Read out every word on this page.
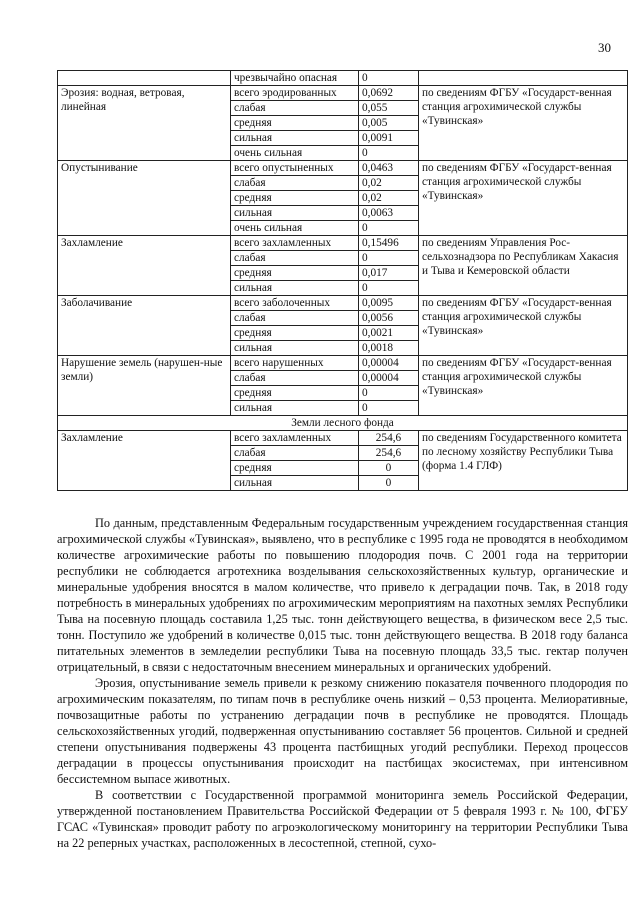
30
	чрезвычайно опасная	0	
Эрозия: водная, ветровая, линейная	всего эродированных	0,0692	по сведениям ФГБУ «Государст-венная станция агрохимической службы «Тувинская»
	слабая	0,055	
	средняя	0,005	
	сильная	0,0091	
	очень сильная	0	
Опустынивание	всего опустыненных	0,0463	по сведениям ФГБУ «Государст-венная станция агрохимической службы «Тувинская»
	слабая	0,02	
	средняя	0,02	
	сильная	0,0063	
	очень сильная	0	
Захламление	всего захламленных	0,15496	по сведениям Управления Рос-сельхознадзора по Республикам Хакасия и Тыва и Кемеровской области
	слабая	0	
	средняя	0,017	
	сильная	0	
Заболачивание	всего заболоченных	0,0095	по сведениям ФГБУ «Государст-венная станция агрохимической службы «Тувинская»
	слабая	0,0056	
	средняя	0,0021	
	сильная	0,0018	
Нарушение земель (нарушен-ные земли)	всего нарушенных	0,00004	по сведениям ФГБУ «Государст-венная станция агрохимической службы «Тувинская»
	слабая	0,00004	
	средняя	0	
	сильная	0	
Земли лесного фонда			
Захламление	всего захламленных	254,6	по сведениям Государственного комитета по лесному хозяйству Республики Тыва (форма 1.4 ГЛФ)
	слабая	254,6	
	средняя	0	
	сильная	0	

По данным, представленным Федеральным государственным учреждением государственная станция агрохимической службы «Тувинская», выявлено, что в республике с 1995 года не проводятся в необходимом количестве агрохимические работы по повышению плодородия почв. С 2001 года на территории республики не соблюдается агротехника возделывания сельскохозяйственных культур, органические и минеральные удобрения вносятся в малом количестве, что привело к деградации почв. Так, в 2018 году потребность в минеральных удобрениях по агрохимическим мероприятиям на пахотных землях Республики Тыва на посевную площадь составила 1,25 тыс. тонн действующего вещества, в физическом весе 2,5 тыс. тонн. Поступило же удобрений в количестве 0,015 тыс. тонн действующего вещества. В 2018 году баланса питательных элементов в земледелии республики Тыва на посевную площадь 33,5 тыс. гектар получен отрицательный, в связи с недостаточным внесением минеральных и органических удобрений.

Эрозия, опустынивание земель привели к резкому снижению показателя почвенного плодородия по агрохимическим показателям, по типам почв в республике очень низкий – 0,53 процента. Мелиоративные, почвозащитные работы по устранению деградации почв в республике не проводятся. Площадь сельскохозяйственных угодий, подверженная опустыниванию составляет 56 процентов. Сильной и средней степени опустынивания подвержены 43 процента пастбищных угодий республики. Переход процессов деградации в процессы опустынивания происходит на пастбищах экосистемах, при интенсивном бессистемном выпасе животных.

В соответствии с Государственной программой мониторинга земель Российской Федерации, утвержденной постановлением Правительства Российской Федерации от 5 февраля 1993 г. № 100, ФГБУ ГСАС «Тувинская» проводит работу по агроэкологическому мониторингу на территории Республики Тыва на 22 реперных участках, расположенных в лесостепной, степной, сухо-
